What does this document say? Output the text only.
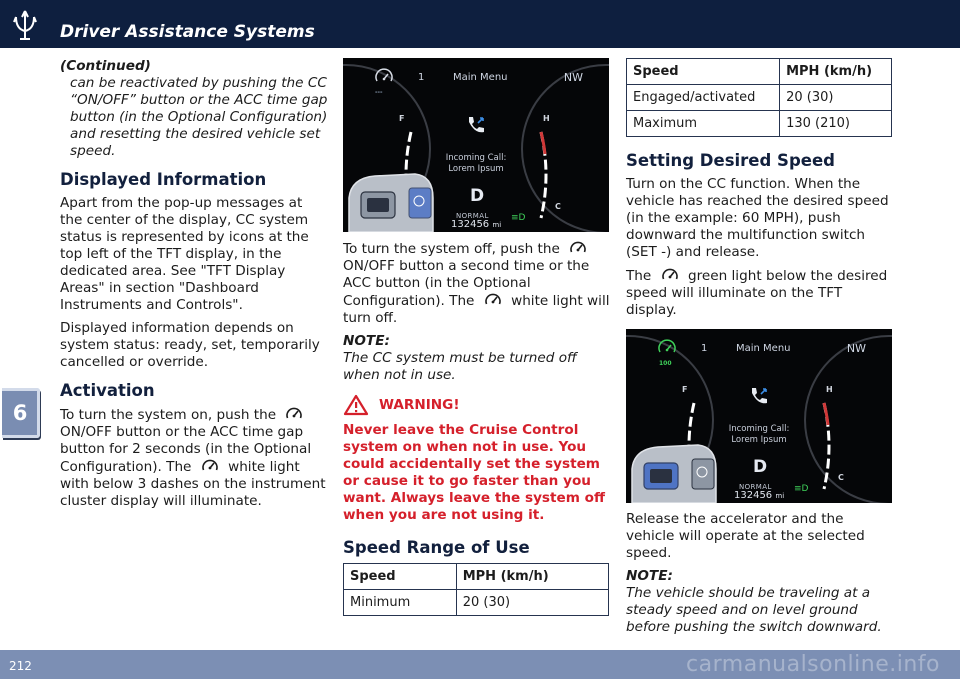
Driver Assistance Systems
6
(Continued)
can be reactivated by pushing the CC “ON/OFF” button or the ACC time gap button (in the Optional Configuration) and resetting the desired vehicle set speed.
Displayed Information

Apart from the pop-up messages at the center of the display, CC system status is represented by icons at the top left of the TFT display, in the dedicated area. See "TFT Display Areas" in section "Dashboard Instruments and Controls".

Displayed information depends on system status: ready, set, temporarily cancelled or override.

Activation

To turn the system on, push the  ON/OFF button or the ACC time gap button for 2 seconds (in the Optional Configuration). The	white light with below 3 dashes on the instrument cluster display will illuminate.

---
1	Main Menu	NW
Incoming Call:
Lorem Ipsum
D
NORMAL
132456 mi
F	H
C
≡D

To turn the system off, push the  ON/OFF button a second time or the ACC button (in the Optional Configuration). The	white light will turn off.

NOTE:
The CC system must be turned off when not in use.
WARNING!
Never leave the Cruise Control system on when not in use. You could accidentally set the system or cause it to go faster than you want. Always leave the system off when you are not using it.
Speed Range of Use
Speed	MPH (km/h)
Minimum	20 (30)
Speed	MPH (km/h)
Engaged/activated	20 (30)
Maximum	130 (210)
Setting Desired Speed

Turn on the CC function. When the vehicle has reached the desired speed (in the example: 60 MPH), push downward the multifunction switch (SET -) and release.

The	green light below the desired speed will illuminate on the TFT display.

100
1	Main Menu	NW
Incoming Call:
Lorem Ipsum
D
NORMAL
132456 mi
F	H
C
≡D

Release the accelerator and the vehicle will operate at the selected speed.

NOTE:
The vehicle should be traveling at a steady speed and on level ground before pushing the switch downward.
212	carmanualsonline.info
